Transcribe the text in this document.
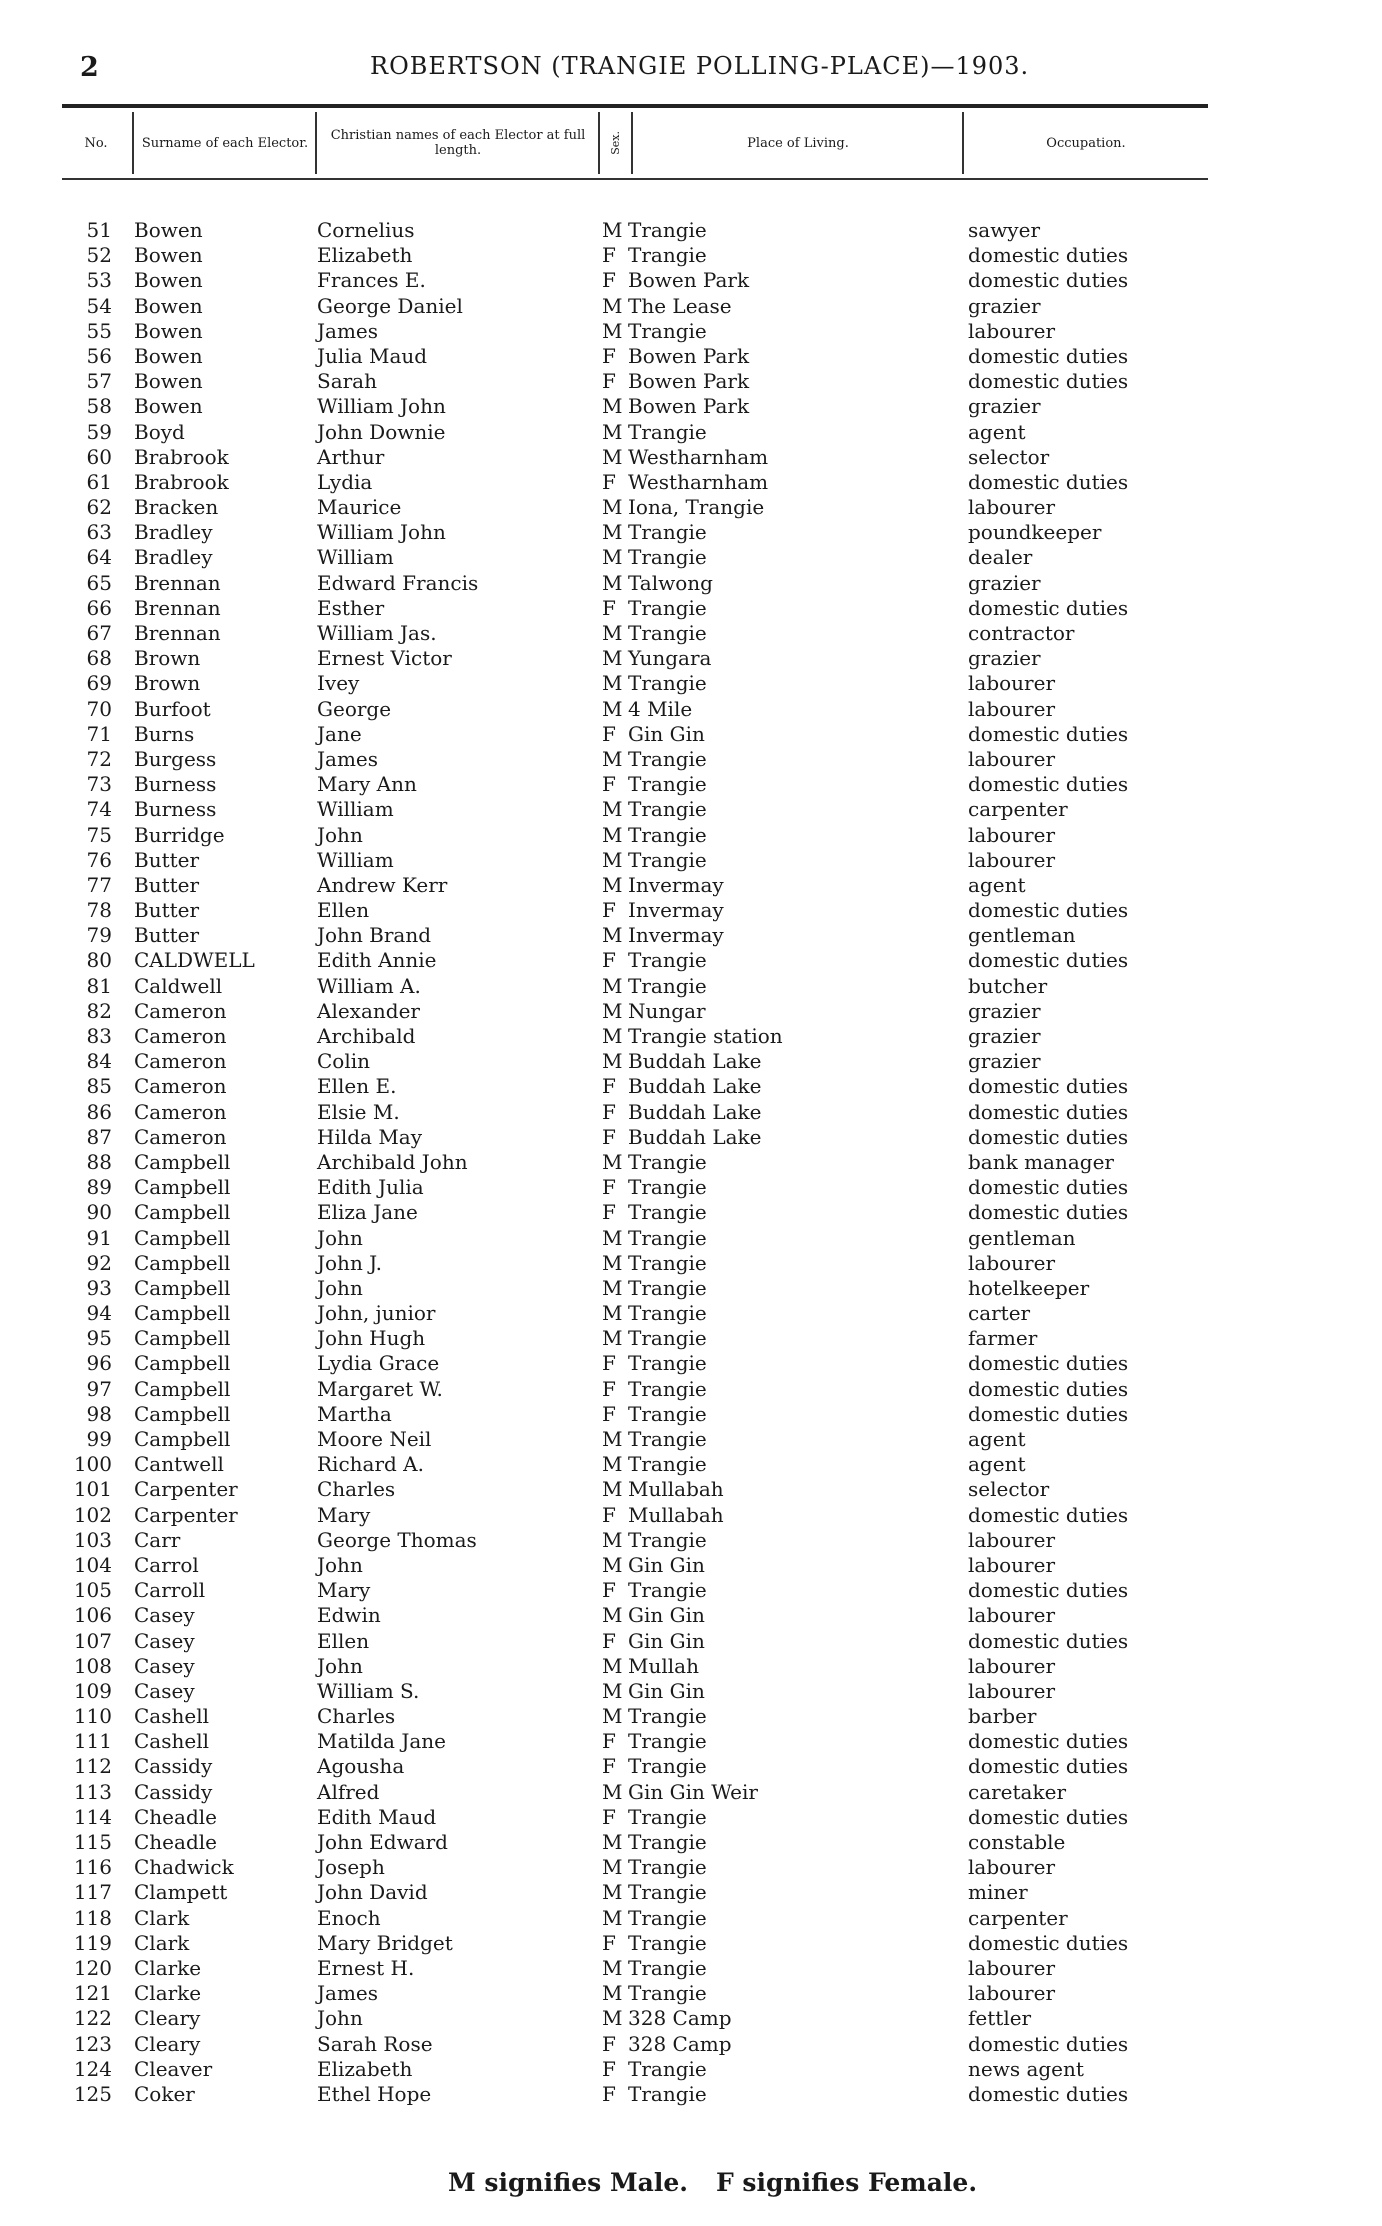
2	ROBERTSON (TRANGIE POLLING-PLACE)—1903.
No.	Surname of each Elector.	Christian names of each Elector at full length.	Sex.	Place of Living.	Occupation.
51 Bowen	Cornelius	M Trangie	sawyer
52 Bowen	Elizabeth	F Trangie	domestic duties
53 Bowen	Frances E.	F Bowen Park	domestic duties
54 Bowen	George Daniel	M The Lease	grazier
55 Bowen	James	M Trangie	labourer
56 Bowen	Julia Maud	F Bowen Park	domestic duties
57 Bowen	Sarah	F Bowen Park	domestic duties
58 Bowen	William John	M Bowen Park	grazier
59 Boyd	John Downie	M Trangie	agent
60 Brabrook	Arthur	M Westharnham	selector
61 Brabrook	Lydia	F Westharnham	domestic duties
62 Bracken	Maurice	M Iona, Trangie	labourer
63 Bradley	William John	M Trangie	poundkeeper
64 Bradley	William	M Trangie	dealer
65 Brennan	Edward Francis	M Talwong	grazier
66 Brennan	Esther	F Trangie	domestic duties
67 Brennan	William Jas.	M Trangie	contractor
68 Brown	Ernest Victor	M Yungara	grazier
69 Brown	Ivey	M Trangie	labourer
70 Burfoot	George	M 4 Mile	labourer
71 Burns	Jane	F Gin Gin	domestic duties
72 Burgess	James	M Trangie	labourer
73 Burness	Mary Ann	F Trangie	domestic duties
74 Burness	William	M Trangie	carpenter
75 Burridge	John	M Trangie	labourer
76 Butter	William	M Trangie	labourer
77 Butter	Andrew Kerr	M Invermay	agent
78 Butter	Ellen	F Invermay	domestic duties
79 Butter	John Brand	M Invermay	gentleman
80 CALDWELL	Edith Annie	F Trangie	domestic duties
81 Caldwell	William A.	M Trangie	butcher
82 Cameron	Alexander	M Nungar	grazier
83 Cameron	Archibald	M Trangie station	grazier
84 Cameron	Colin	M Buddah Lake	grazier
85 Cameron	Ellen E.	F Buddah Lake	domestic duties
86 Cameron	Elsie M.	F Buddah Lake	domestic duties
87 Cameron	Hilda May	F Buddah Lake	domestic duties
88 Campbell	Archibald John	M Trangie	bank manager
89 Campbell	Edith Julia	F Trangie	domestic duties
90 Campbell	Eliza Jane	F Trangie	domestic duties
91 Campbell	John	M Trangie	gentleman
92 Campbell	John J.	M Trangie	labourer
93 Campbell	John	M Trangie	hotelkeeper
94 Campbell	John, junior	M Trangie	carter
95 Campbell	John Hugh	M Trangie	farmer
96 Campbell	Lydia Grace	F Trangie	domestic duties
97 Campbell	Margaret W.	F Trangie	domestic duties
98 Campbell	Martha	F Trangie	domestic duties
99 Campbell	Moore Neil	M Trangie	agent
100 Cantwell	Richard A.	M Trangie	agent
101 Carpenter	Charles	M Mullabah	selector
102 Carpenter	Mary	F Mullabah	domestic duties
103 Carr	George Thomas	M Trangie	labourer
104 Carrol	John	M Gin Gin	labourer
105 Carroll	Mary	F Trangie	domestic duties
106 Casey	Edwin	M Gin Gin	labourer
107 Casey	Ellen	F Gin Gin	domestic duties
108 Casey	John	M Mullah	labourer
109 Casey	William S.	M Gin Gin	labourer
110 Cashell	Charles	M Trangie	barber
111 Cashell	Matilda Jane	F Trangie	domestic duties
112 Cassidy	Agousha	F Trangie	domestic duties
113 Cassidy	Alfred	M Gin Gin Weir	caretaker
114 Cheadle	Edith Maud	F Trangie	domestic duties
115 Cheadle	John Edward	M Trangie	constable
116 Chadwick	Joseph	M Trangie	labourer
117 Clampett	John David	M Trangie	miner
118 Clark	Enoch	M Trangie	carpenter
119 Clark	Mary Bridget	F Trangie	domestic duties
120 Clarke	Ernest H.	M Trangie	labourer
121 Clarke	James	M Trangie	labourer
122 Cleary	John	M 328 Camp	fettler
123 Cleary	Sarah Rose	F 328 Camp	domestic duties
124 Cleaver	Elizabeth	F Trangie	news agent
125 Coker	Ethel Hope	F Trangie	domestic duties
M signifies Male. F signifies Female.
